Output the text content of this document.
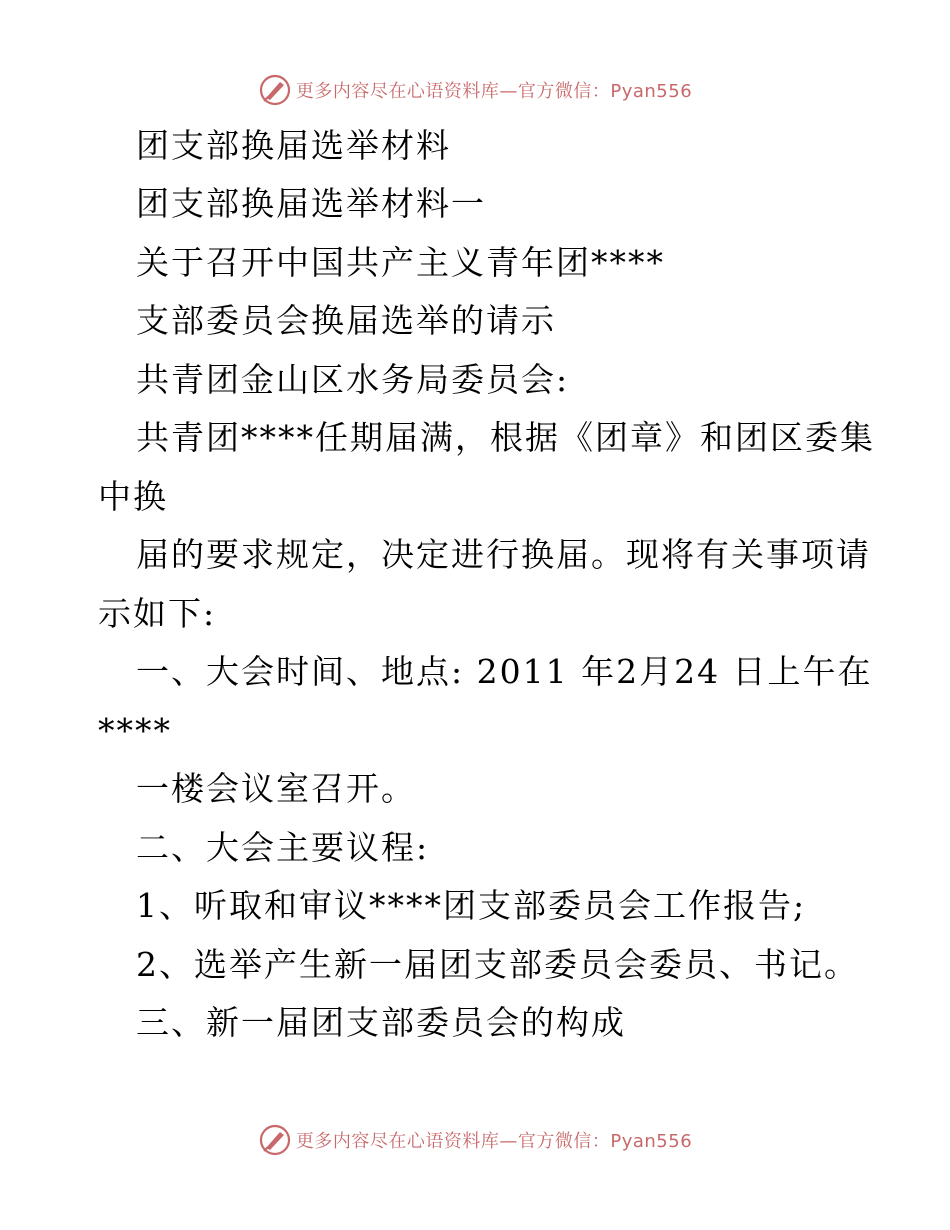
更多内容尽在心语资料库—官方微信：Pyan556
团支部换届选举材料
团支部换届选举材料一
关于召开中国共产主义青年团****
支部委员会换届选举的请示
共青团金山区水务局委员会:
共青团****任期届满，根据《团章》和团区委集
中换
届的要求规定，决定进行换届。现将有关事项请
示如下:
一、大会时间、地点: 2011 年2月24 日上午在
****
一楼会议室召开。
二、大会主要议程:
1、听取和审议****团支部委员会工作报告;
2、选举产生新一届团支部委员会委员、书记。
三、新一届团支部委员会的构成
更多内容尽在心语资料库—官方微信：Pyan556
